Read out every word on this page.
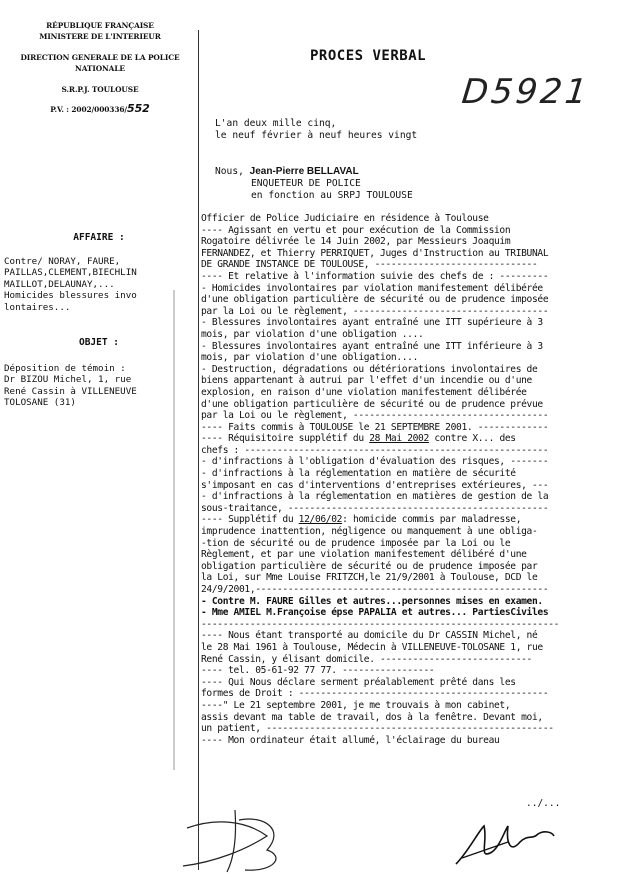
RÉPUBLIQUE FRANÇAISE
MINISTERE DE L'INTERIEUR
DIRECTION GENERALE DE LA POLICE NATIONALE
S.R.P.J. TOULOUSE
P.V. : 2002/000336/552
PROCES VERBAL
D5921
L'an deux mille cinq,
le neuf février à neuf heures vingt
Nous, Jean-Pierre BELLAVAL
ENQUETEUR DE POLICE
en fonction au SRPJ TOULOUSE
AFFAIRE :
Contre/ NORAY, FAURE,
PAILLAS,CLEMENT,BIECHLIN
MAILLOT,DELAUNAY,...
Homicides blessures invo
lontaires...
OBJET :
Déposition de témoin :
Dr BIZOU Michel, 1, rue
René Cassin à VILLENEUVE
TOLOSANE (31)
Officier de Police Judiciaire en résidence à Toulouse
---- Agissant en vertu et pour exécution de la Commission
Rogatoire délivrée le 14 Juin 2002, par Messieurs Joaquim
FERNANDEZ, et Thierry PERRIQUET, Juges d'Instruction au TRIBUNAL
DE GRANDE INSTANCE DE TOULOUSE, ------------------------------
---- Et relative à l'information suivie des chefs de : ---------
- Homicides involontaires par violation manifestement délibérée
d'une obligation particulière de sécurité ou de prudence imposée
par la Loi ou le règlement, ------------------------------------
- Blessures involontaires ayant entraîné une ITT supérieure à 3
mois, par violation d'une obligation ....
- Blessures involontaires ayant entraîné une ITT inférieure à 3
mois, par violation d'une obligation....
- Destruction, dégradations ou détériorations involontaires de
biens appartenant à autrui par l'effet d'un incendie ou d'une
explosion, en raison d'une violation manifestement délibérée
d'une obligation particulière de sécurité ou de prudence prévue
par la Loi ou le règlement, ------------------------------------
---- Faits commis à TOULOUSE le 21 SEPTEMBRE 2001. -------------
---- Réquisitoire supplétif du 28 Mai 2002 contre X... des
chefs : --------------------------------------------------------
- d'infractions à l'obligation d'évaluation des risques, -------
- d'infractions à la réglementation en matière de sécurité
s'imposant en cas d'interventions d'entreprises extérieures, ---
- d'infractions à la réglementation en matières de gestion de la
sous-traitance, ------------------------------------------------
---- Supplétif du 12/06/02: homicide commis par maladresse,
imprudence inattention, négligence ou manquement à une obliga-
-tion de sécurité ou de prudence imposée par la Loi ou le
Règlement, et par une violation manifestement délibéré d'une
obligation particulière de sécurité ou de prudence imposée par
la Loi, sur Mme Louise FRITZCH,le 21/9/2001 à Toulouse, DCD le
24/9/2001,------------------------------------------------------
- Contre M. FAURE Gilles et autres...personnes mises en examen.
- Mme AMIEL M.Françoise épse PAPALIA et autres... PartiesCiviles
------------------------------------------------------------------
---- Nous étant transporté au domicile du Dr CASSIN Michel, né
le 28 Mai 1961 à Toulouse, Médecin à VILLENEUVE-TOLOSANE 1, rue
René Cassin, y élisant domicile. ----------------------------
---- tel. 05-61-92 77 77. -----------------
---- Qui Nous déclare serment préalablement prêté dans les
formes de Droit : ----------------------------------------------
----" Le 21 septembre 2001, je me trouvais à mon cabinet,
assis devant ma table de travail, dos à la fenêtre. Devant moi,
un patient, -----------------------------------------------------
---- Mon ordinateur était allumé, l'éclairage du bureau
../...
